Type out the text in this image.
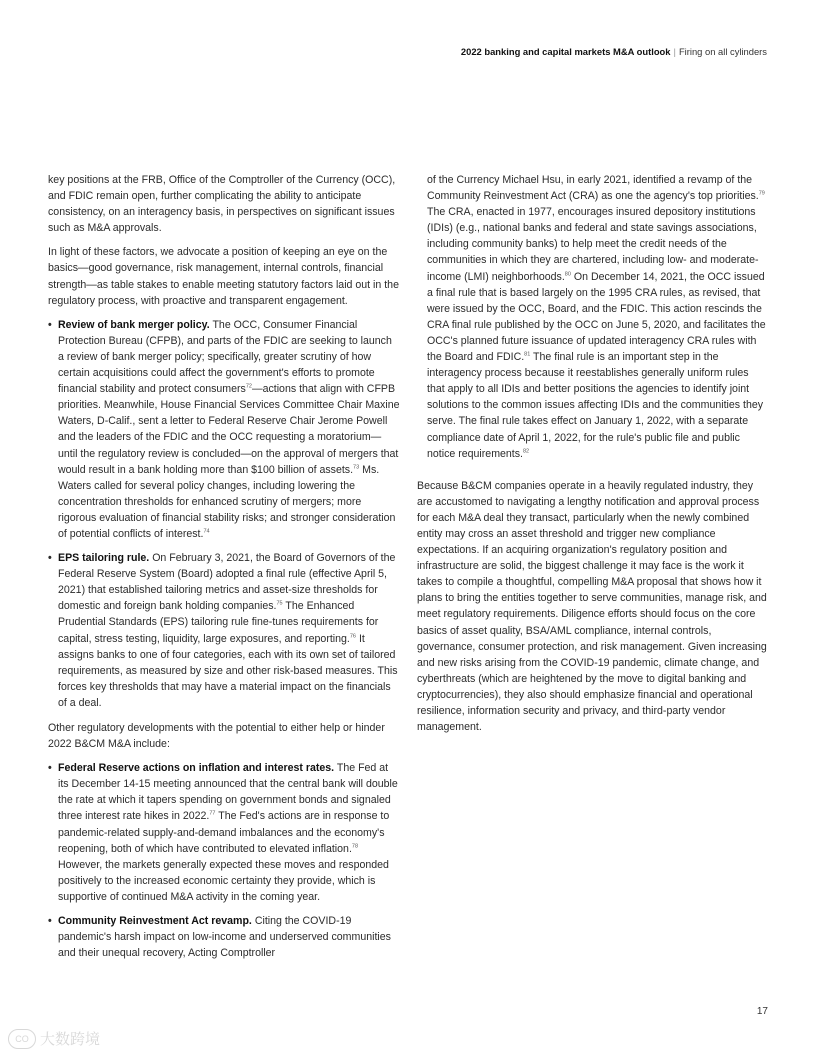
2022 banking and capital markets M&A outlook | Firing on all cylinders

key positions at the FRB, Office of the Comptroller of the Currency (OCC), and FDIC remain open, further complicating the ability to anticipate consistency, on an interagency basis, in perspectives on significant issues such as M&A approvals.

In light of these factors, we advocate a position of keeping an eye on the basics—good governance, risk management, internal controls, financial strength—as table stakes to enable meeting statutory factors laid out in the regulatory process, with proactive and transparent engagement.

• Review of bank merger policy. The OCC, Consumer Financial Protection Bureau (CFPB), and parts of the FDIC are seeking to launch a review of bank merger policy; specifically, greater scrutiny of how certain acquisitions could affect the government's efforts to promote financial stability and protect consumers$^{72}$—actions that align with CFPB priorities. Meanwhile, House Financial Services Committee Chair Maxine Waters, D-Calif., sent a letter to Federal Reserve Chair Jerome Powell and the leaders of the FDIC and the OCC requesting a moratorium—until the regulatory review is concluded—on the approval of mergers that would result in a bank holding more than $100 billion of assets.$^{73}$ Ms. Waters called for several policy changes, including lowering the concentration thresholds for enhanced scrutiny of mergers; more rigorous evaluation of financial stability risks; and stronger consideration of potential conflicts of interest.$^{74}$
• EPS tailoring rule. On February 3, 2021, the Board of Governors of the Federal Reserve System (Board) adopted a final rule (effective April 5, 2021) that established tailoring metrics and asset-size thresholds for domestic and foreign bank holding companies.$^{75}$ The Enhanced Prudential Standards (EPS) tailoring rule fine-tunes requirements for capital, stress testing, liquidity, large exposures, and reporting.$^{76}$ It assigns banks to one of four categories, each with its own set of tailored requirements, as measured by size and other risk-based measures. This forces key thresholds that may have a material impact on the financials of a deal.

Other regulatory developments with the potential to either help or hinder 2022 B&CM M&A include:

• Federal Reserve actions on inflation and interest rates. The Fed at its December 14-15 meeting announced that the central bank will double the rate at which it tapers spending on government bonds and signaled three interest rate hikes in 2022.77 The Fed's actions are in response to pandemic-related supply-and-demand imbalances and the economy's reopening, both of which have contributed to elevated inflation.$^{78}$ However, the markets generally expected these moves and responded positively to the increased economic certainty they provide, which is supportive of continued M&A activity in the coming year.
• Community Reinvestment Act revamp. Citing the COVID-19 pandemic's harsh impact on low-income and underserved communities and their unequal recovery, Acting Comptroller

of the Currency Michael Hsu, in early 2021, identified a revamp of the Community Reinvestment Act (CRA) as one the agency's top priorities.$^{79}$ The CRA, enacted in 1977, encourages insured depository institutions (IDIs) (e.g., national banks and federal and state savings associations, including community banks) to help meet the credit needs of the communities in which they are chartered, including low- and moderate-income (LMI) neighborhoods.$^{80}$ On December 14, 2021, the OCC issued a final rule that is based largely on the 1995 CRA rules, as revised, that were issued by the OCC, Board, and the FDIC. This action rescinds the CRA final rule published by the OCC on June 5, 2020, and facilitates the OCC's planned future issuance of updated interagency CRA rules with the Board and FDIC.$^{81}$ The final rule is an important step in the interagency process because it reestablishes generally uniform rules that apply to all IDIs and better positions the agencies to identify joint solutions to the common issues affecting IDIs and the communities they serve. The final rule takes effect on January 1, 2022, with a separate compliance date of April 1, 2022, for the rule's public file and public notice requirements.$^{82}$

Because B&CM companies operate in a heavily regulated industry, they are accustomed to navigating a lengthy notification and approval process for each M&A deal they transact, particularly when the newly combined entity may cross an asset threshold and trigger new compliance expectations. If an acquiring organization's regulatory position and infrastructure are solid, the biggest challenge it may face is the work it takes to compile a thoughtful, compelling M&A proposal that shows how it plans to bring the entities together to serve communities, manage risk, and meet regulatory requirements. Diligence efforts should focus on the core basics of asset quality, BSA/AML compliance, internal controls, governance, consumer protection, and risk management. Given increasing and new risks arising from the COVID-19 pandemic, climate change, and cyberthreats (which are heightened by the move to digital banking and cryptocurrencies), they also should emphasize financial and operational resilience, information security and privacy, and third-party vendor management.

17
CO 大数跨境
